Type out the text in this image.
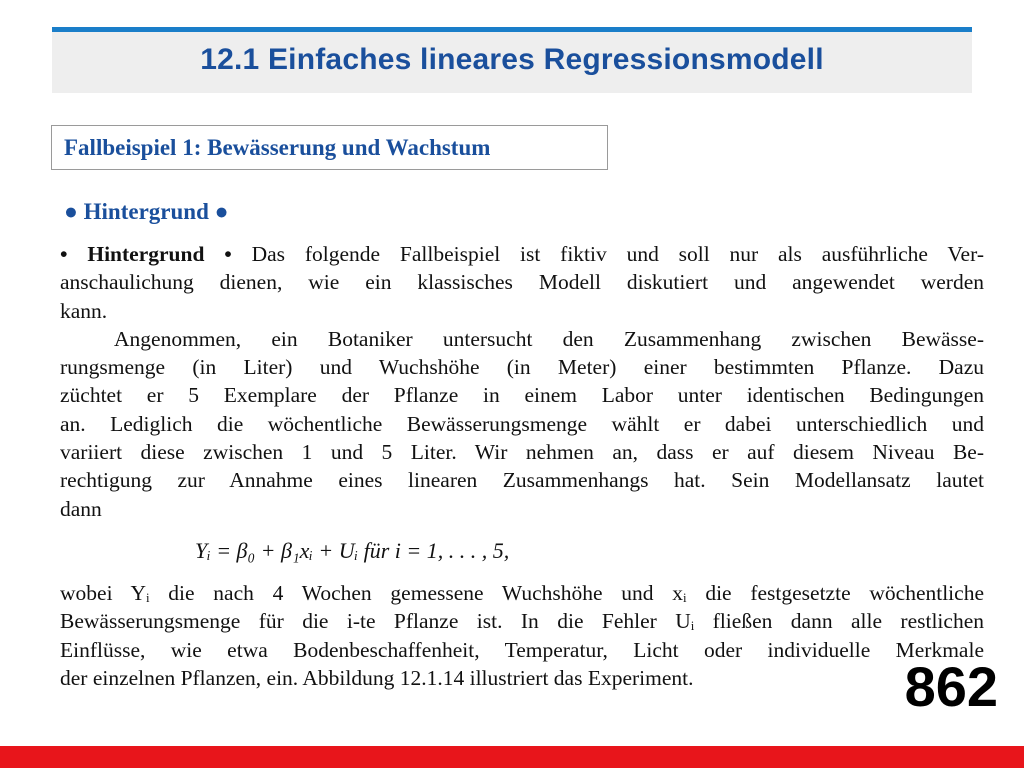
12.1 Einfaches lineares Regressionsmodell
Fallbeispiel 1: Bewässerung und Wachstum
● Hintergrund ●
• Hintergrund • Das folgende Fallbeispiel ist fiktiv und soll nur als ausführliche Ver-
anschaulichung dienen, wie ein klassisches Modell diskutiert und angewendet werden
kann.
Angenommen, ein Botaniker untersucht den Zusammenhang zwischen Bewässe-
rungsmenge (in Liter) und Wuchshöhe (in Meter) einer bestimmten Pflanze. Dazu
züchtet er 5 Exemplare der Pflanze in einem Labor unter identischen Bedingungen
an. Lediglich die wöchentliche Bewässerungsmenge wählt er dabei unterschiedlich und
variiert diese zwischen 1 und 5 Liter. Wir nehmen an, dass er auf diesem Niveau Be-
rechtigung zur Annahme eines linearen Zusammenhangs hat. Sein Modellansatz lautet
dann
Yᵢ = β₀ + β₁xᵢ + Uᵢ für i = 1, . . . , 5,
wobei Yᵢ die nach 4 Wochen gemessene Wuchshöhe und xᵢ die festgesetzte wöchentliche
Bewässerungsmenge für die i-te Pflanze ist. In die Fehler Uᵢ fließen dann alle restlichen
Einflüsse, wie etwa Bodenbeschaffenheit, Temperatur, Licht oder individuelle Merkmale
der einzelnen Pflanzen, ein. Abbildung 12.1.14 illustriert das Experiment.	862
